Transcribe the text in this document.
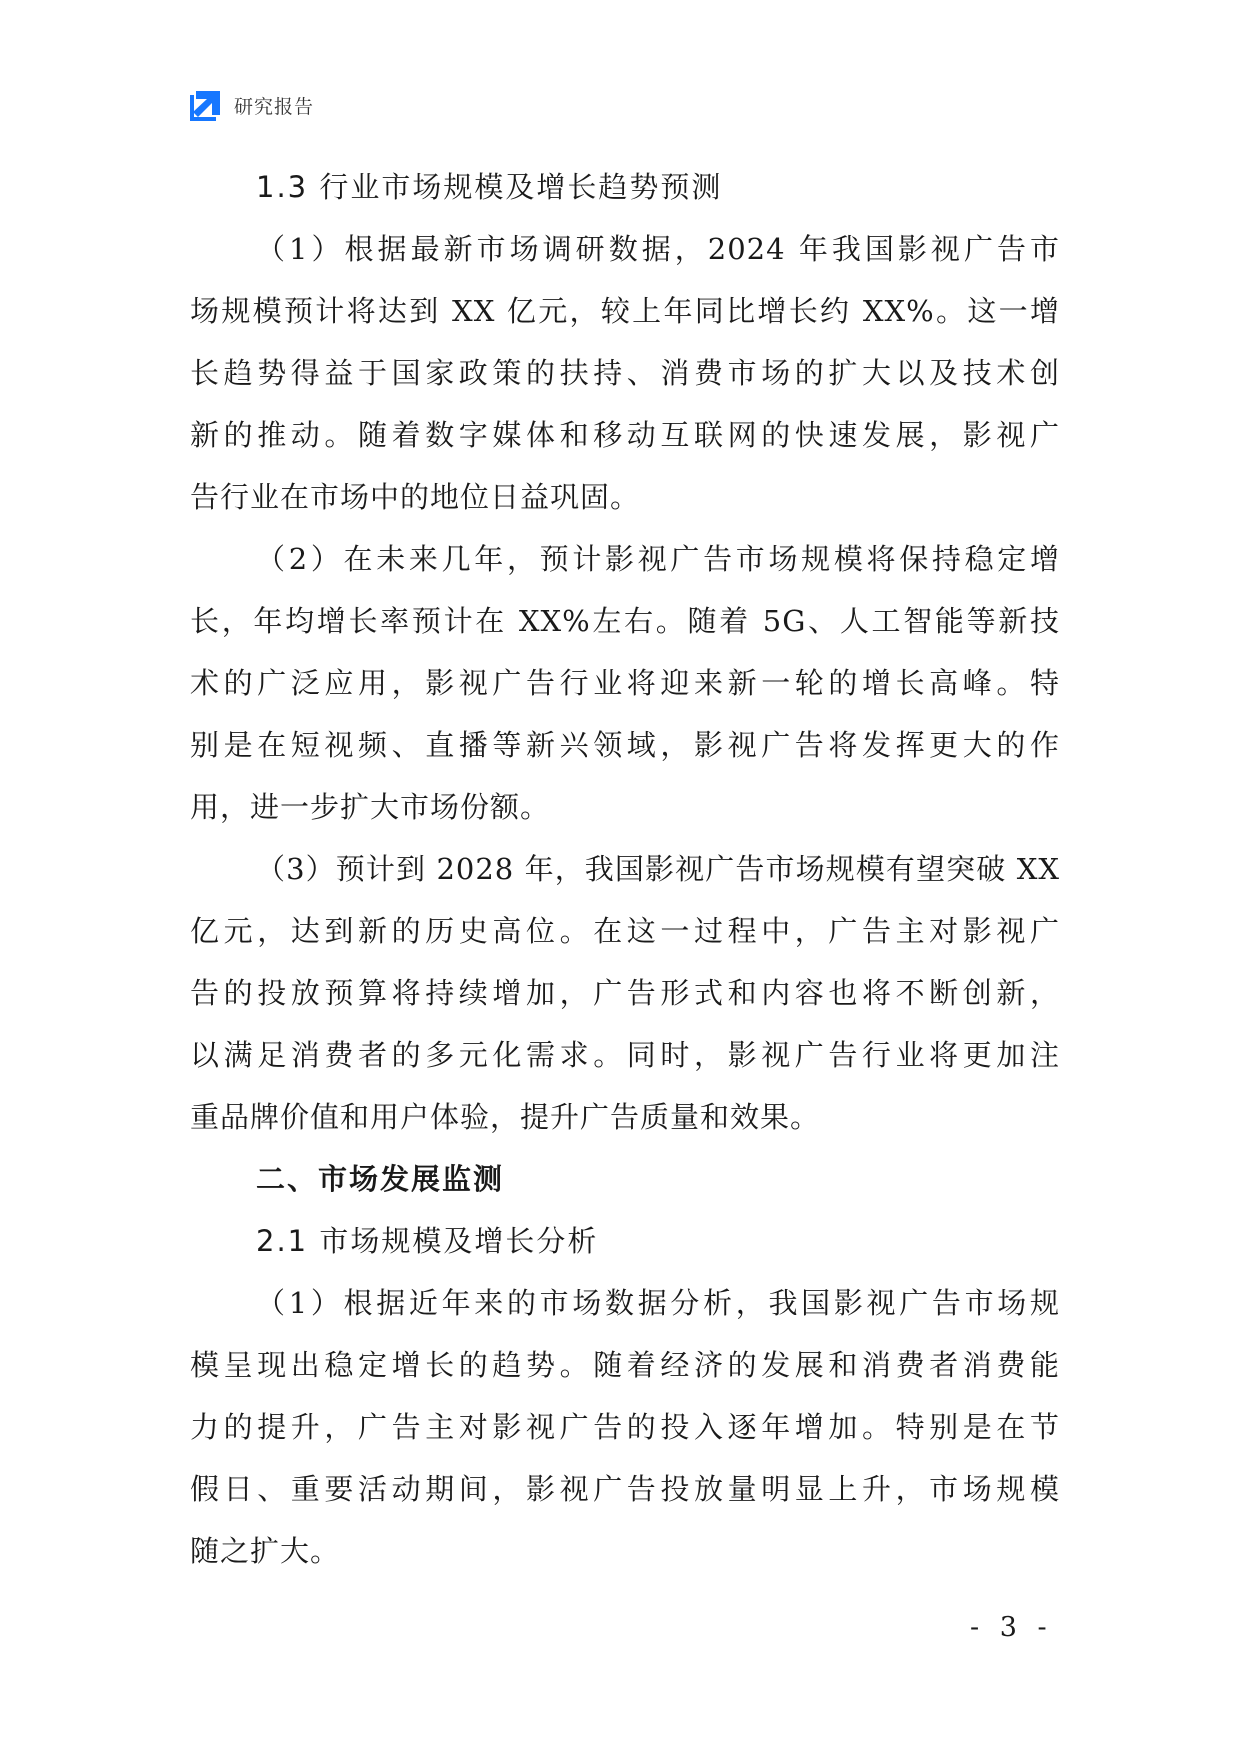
研究报告
1.3 行业市场规模及增长趋势预测
（1）根据最新市场调研数据，2024 年我国影视广告市
场规模预计将达到 XX 亿元，较上年同比增长约 XX%。这一增
长趋势得益于国家政策的扶持、消费市场的扩大以及技术创
新的推动。随着数字媒体和移动互联网的快速发展，影视广
告行业在市场中的地位日益巩固。
（2）在未来几年，预计影视广告市场规模将保持稳定增
长，年均增长率预计在 XX%左右。随着 5G、人工智能等新技
术的广泛应用，影视广告行业将迎来新一轮的增长高峰。特
别是在短视频、直播等新兴领域，影视广告将发挥更大的作
用，进一步扩大市场份额。
（3）预计到 2028 年，我国影视广告市场规模有望突破 XX
亿元，达到新的历史高位。在这一过程中，广告主对影视广
告的投放预算将持续增加，广告形式和内容也将不断创新，
以满足消费者的多元化需求。同时，影视广告行业将更加注
重品牌价值和用户体验，提升广告质量和效果。
二、市场发展监测
2.1 市场规模及增长分析
（1）根据近年来的市场数据分析，我国影视广告市场规
模呈现出稳定增长的趋势。随着经济的发展和消费者消费能
力的提升，广告主对影视广告的投入逐年增加。特别是在节
假日、重要活动期间，影视广告投放量明显上升，市场规模
随之扩大。
- 3 -
